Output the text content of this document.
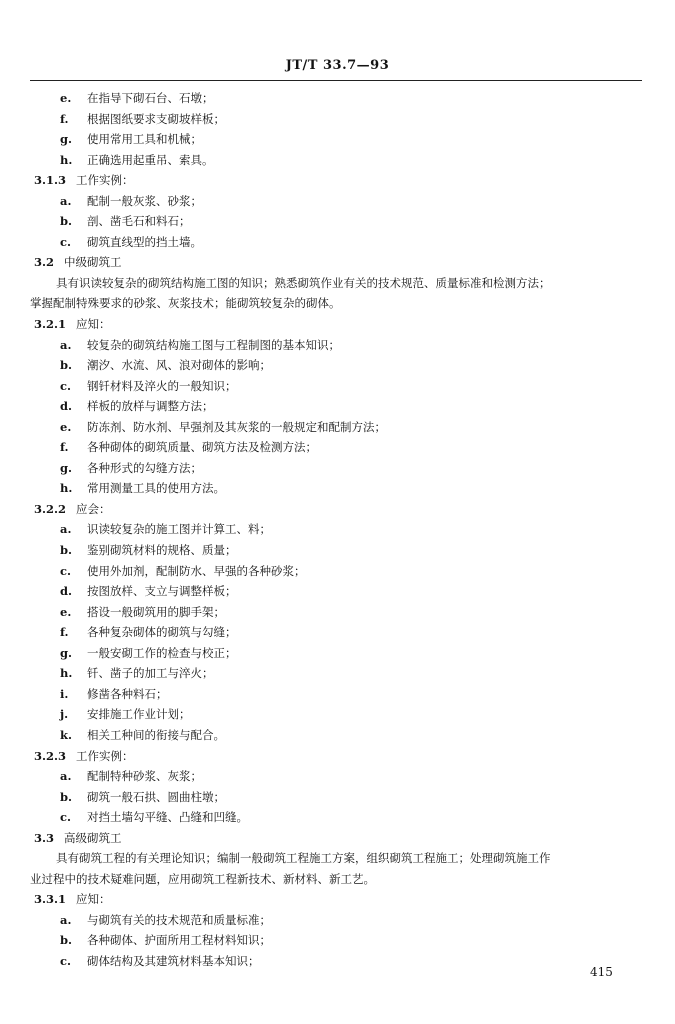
JT/T 33.7—93
e. 在指导下砌石台、石墩；
f. 根据图纸要求支砌坡样板；
g. 使用常用工具和机械；
h. 正确选用起重吊、索具。
3.1.3 工作实例：
a. 配制一般灰浆、砂浆；
b. 剖、凿毛石和料石；
c. 砌筑直线型的挡土墙。
3.2 中级砌筑工
具有识读较复杂的砌筑结构施工图的知识；熟悉砌筑作业有关的技术规范、质量标准和检测方法；
掌握配制特殊要求的砂浆、灰浆技术；能砌筑较复杂的砌体。
3.2.1 应知：
a. 较复杂的砌筑结构施工图与工程制图的基本知识；
b. 潮汐、水流、风、浪对砌体的影响；
c. 钢钎材料及淬火的一般知识；
d. 样板的放样与调整方法；
e. 防冻剂、防水剂、早强剂及其灰浆的一般规定和配制方法；
f. 各种砌体的砌筑质量、砌筑方法及检测方法；
g. 各种形式的勾缝方法；
h. 常用测量工具的使用方法。
3.2.2 应会：
a. 识读较复杂的施工图并计算工、料；
b. 鉴别砌筑材料的规格、质量；
c. 使用外加剂，配制防水、早强的各种砂浆；
d. 按图放样、支立与调整样板；
e. 搭设一般砌筑用的脚手架；
f. 各种复杂砌体的砌筑与勾缝；
g. 一般安砌工作的检查与校正；
h. 钎、凿子的加工与淬火；
i. 修凿各种料石；
j. 安排施工作业计划；
k. 相关工种间的衔接与配合。
3.2.3 工作实例：
a. 配制特种砂浆、灰浆；
b. 砌筑一般石拱、圆曲柱墩；
c. 对挡土墙勾平缝、凸缝和凹缝。
3.3 高级砌筑工
具有砌筑工程的有关理论知识；编制一般砌筑工程施工方案，组织砌筑工程施工；处理砌筑施工作
业过程中的技术疑难问题，应用砌筑工程新技术、新材料、新工艺。
3.3.1 应知：
a. 与砌筑有关的技术规范和质量标准；
b. 各种砌体、护面所用工程材料知识；
c. 砌体结构及其建筑材料基本知识；
415
